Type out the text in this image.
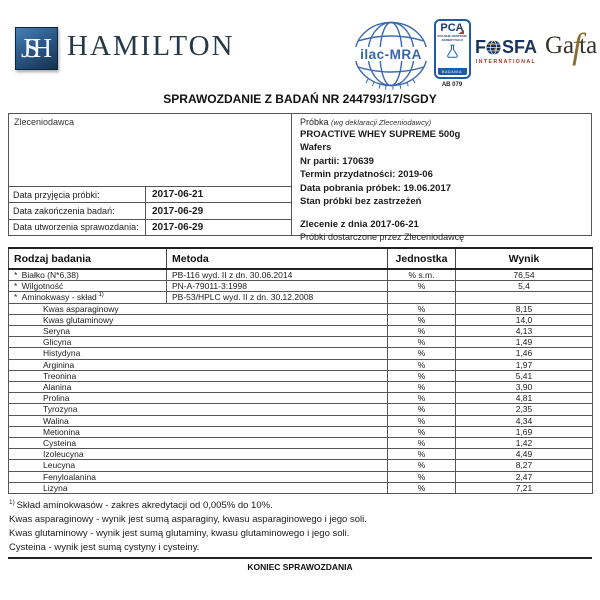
JSH HAMILTON	ilac-MRA
PCA
POLSKIE CENTRUM AKREDYTACJI
BADANIA
AB 079
F SFA
INTERNATIONAL
Gafta
SPRAWOZDANIE Z BADAŃ NR 244793/17/SGDY
Zleceniodawca
Data przyjęcia próbki:	2017-06-21
Data zakończenia badań:	2017-06-29
Data utworzenia sprawozdania:	2017-06-29
Próbka (wg deklaracji Zleceniodawcy)
PROACTIVE WHEY SUPREME 500g
Wafers
Nr partii: 170639
Termin przydatności: 2019-06
Data pobrania próbek: 19.06.2017
Stan próbki bez zastrzeżeń
Zlecenie z dnia 2017-06-21
Próbki dostarczone przez Zleceniodawcę
Rodzaj badania	Metoda	Jednostka	Wynik
* Białko (N*6,38)	PB-116 wyd. II z dn. 30.06.2014	% s.m.	76,54
* Wilgotność	PN-A-79011-3:1998	%	5,4
* Aminokwasy - skład $^{1)}$	PB-53/HPLC wyd. II z dn. 30.12.2008		
Kwas asparaginowy		%	8,15
Kwas glutaminowy		%	14,0
Seryna		%	4,13
Glicyna		%	1,49
Histydyna		%	1,46
Arginina		%	1,97
Treonina		%	5,41
Alanina		%	3,90
Prolina		%	4,81
Tyrozyna		%	2,35
Walina		%	4,34
Metionina		%	1,69
Cysteina		%	1,42
Izoleucyna		%	4,49
Leucyna		%	8,27
Fenyloalanina		%	2,47
Lizyna		%	7,21
$^{1)}$ Skład aminokwasów - zakres akredytacji od 0,005% do 10%.
Kwas asparaginowy - wynik jest sumą asparaginy, kwasu asparaginowego i jego soli.
Kwas glutaminowy - wynik jest sumą glutaminy, kwasu glutaminowego i jego soli.
Cysteina - wynik jest sumą cystyny i cysteiny.
KONIEC SPRAWOZDANIA
